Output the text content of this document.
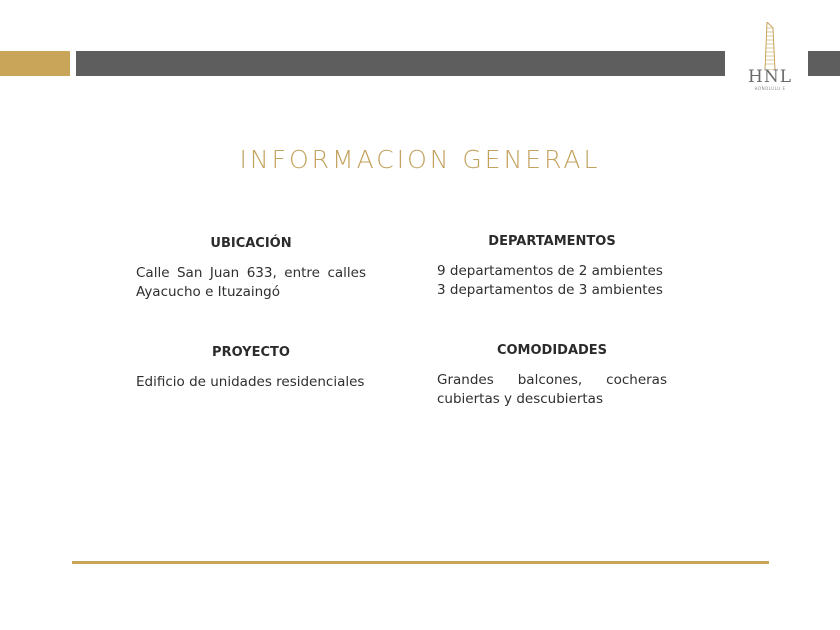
HNL
HONOLULU E
INFORMACION GENERAL
UBICACIÓN

Calle San Juan 633, entre calles Ayacucho e Ituzaingó

DEPARTAMENTOS

9 departamentos de 2 ambientes
3 departamentos de 3 ambientes

PROYECTO

Edificio de unidades residenciales

COMODIDADES

Grandes balcones, cocheras cubiertas y descubiertas
